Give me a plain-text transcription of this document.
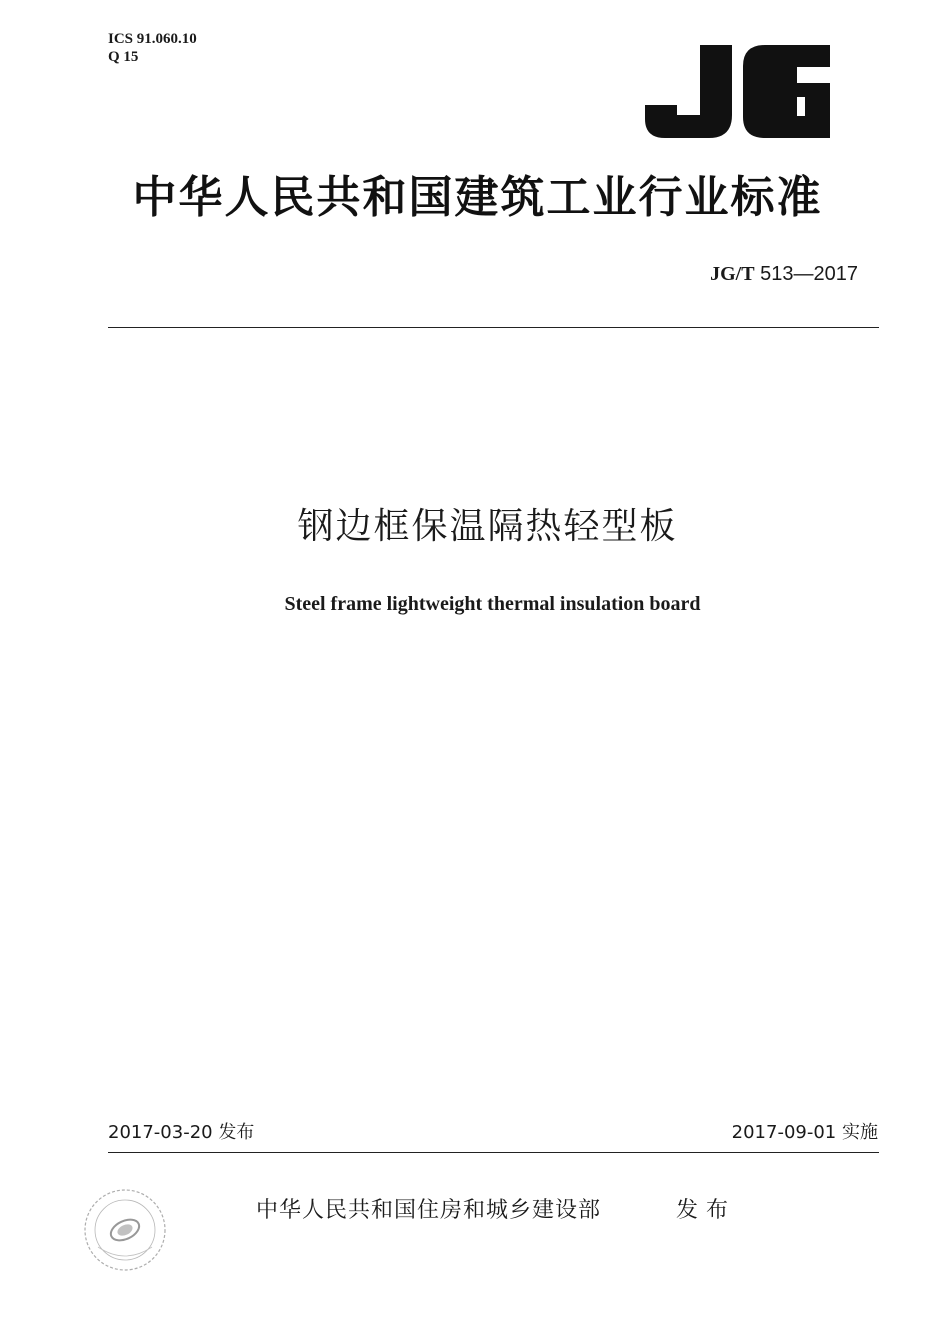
ICS 91.060.10
Q 15
中华人民共和国建筑工业行业标准
JG/T 513—2017
钢边框保温隔热轻型板
Steel frame lightweight thermal insulation board
2017-03-20 发布	2017-09-01 实施
中华人民共和国住房和城乡建设部	发布
